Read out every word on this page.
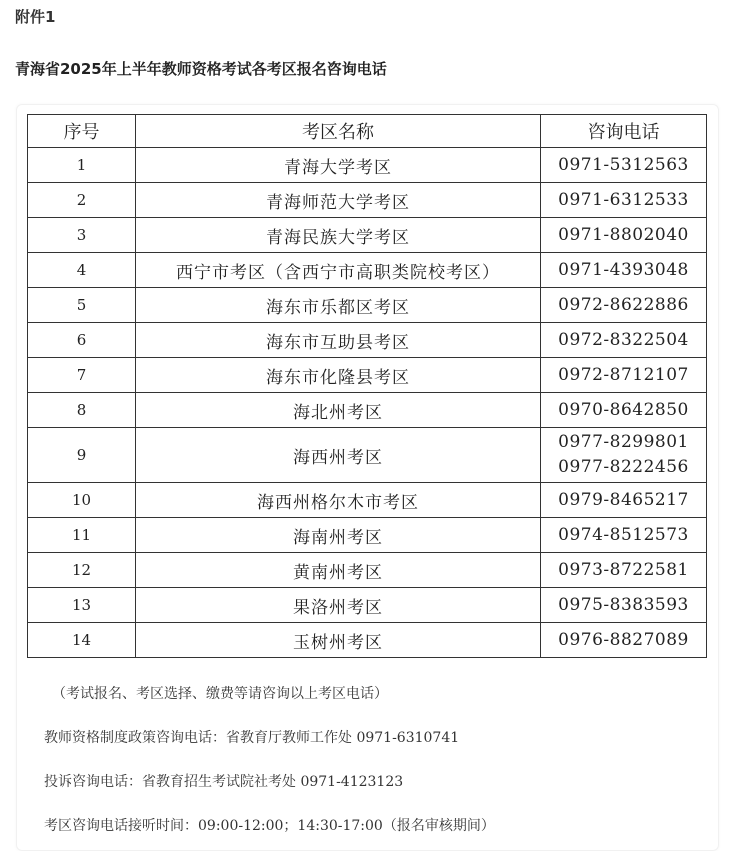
附件1
青海省2025年上半年教师资格考试各考区报名咨询电话
序号	考区名称	咨询电话
1	青海大学考区	0971-5312563

2	青海师范大学考区	0971-6312533

3	青海民族大学考区	0971-8802040

4	西宁市考区（含西宁市高职类院校考区）	0971-4393048

5	海东市乐都区考区	0972-8622886

6	海东市互助县考区	0972-8322504

7	海东市化隆县考区	0972-8712107

8	海北州考区	0970-8642850

9	海西州考区	0977-8299801
0977-8222456

10	海西州格尔木市考区	0979-8465217

11	海南州考区	0974-8512573

12	黄南州考区	0973-8722581

13	果洛州考区	0975-8383593

14	玉树州考区	0976-8827089
（考试报名、考区选择、缴费等请咨询以上考区电话）
教师资格制度政策咨询电话：省教育厅教师工作处 0971-6310741
投诉咨询电话：省教育招生考试院社考处 0971-4123123
考区咨询电话接听时间：09:00-12:00；14:30-17:00（报名审核期间）
